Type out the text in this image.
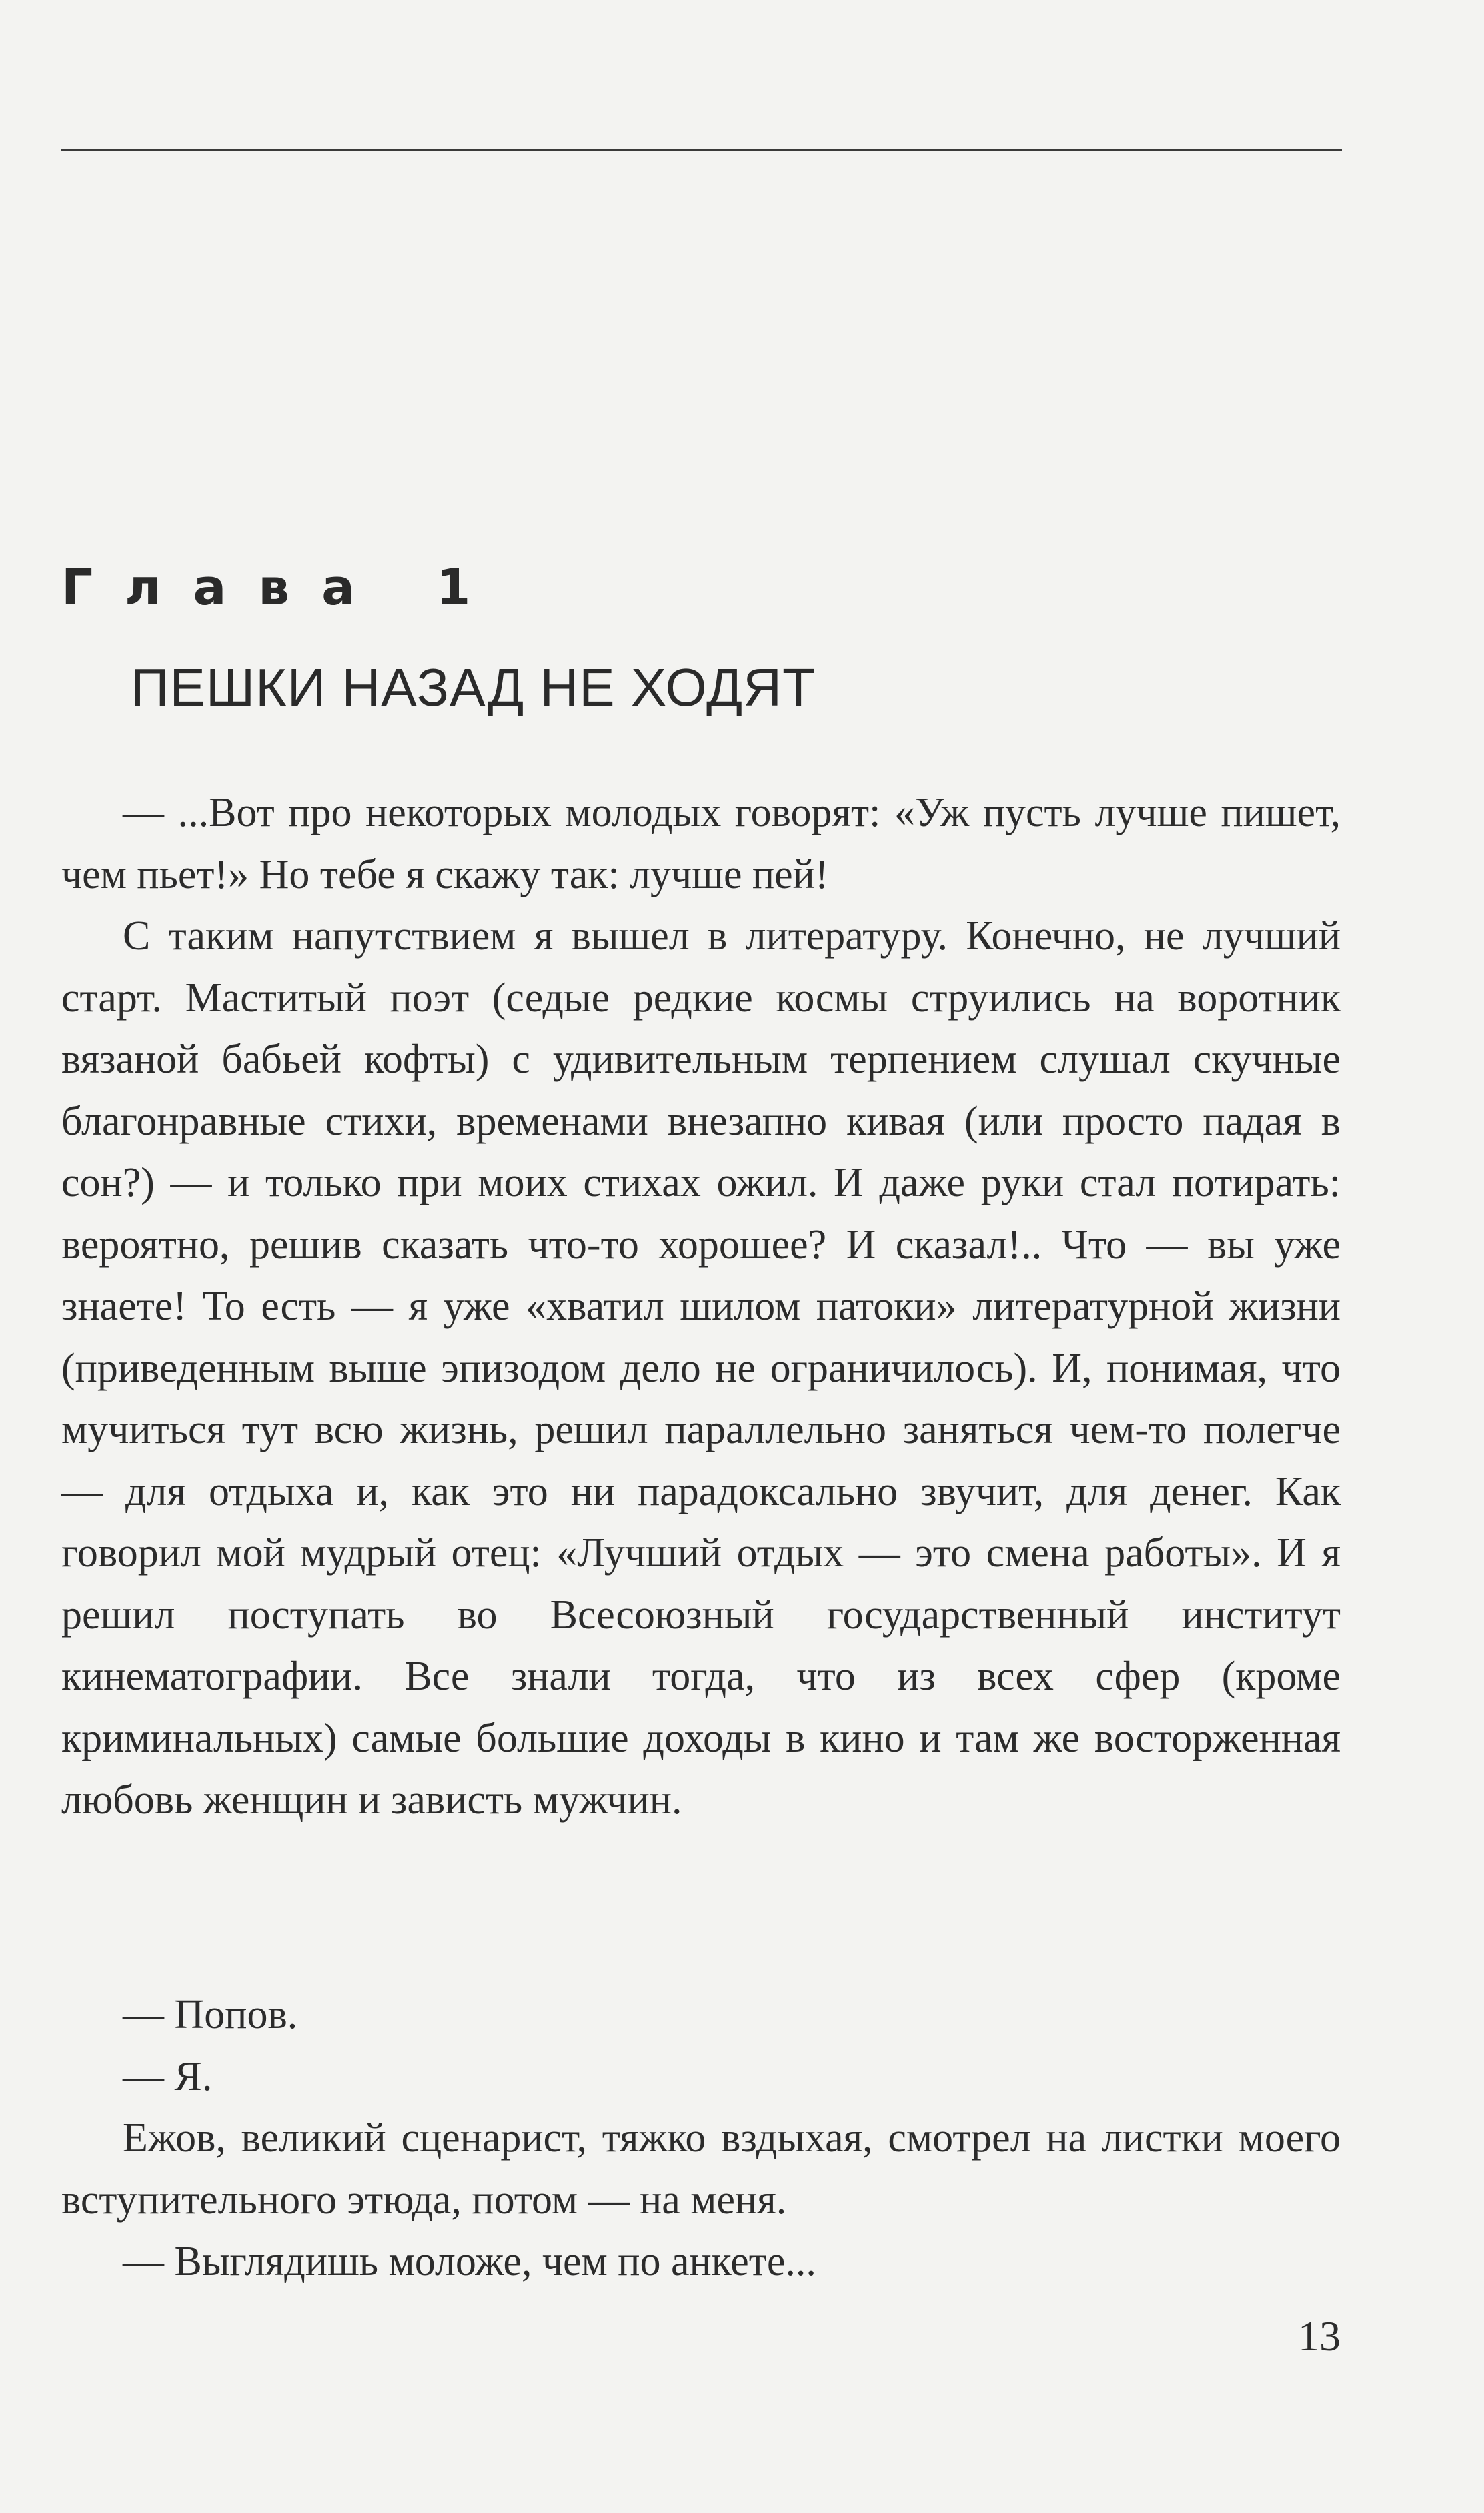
Глава 1
ПЕШКИ НАЗАД НЕ ХОДЯТ

— ...Вот про некоторых молодых говорят: «Уж пусть лучше пишет, чем пьет!» Но тебе я скажу так: лучше пей!

С таким напутствием я вышел в литературу. Конечно, не лучший старт. Маститый поэт (седые редкие космы струились на воротник вязаной бабьей кофты) с удивительным терпением слушал скучные благонравные стихи, временами внезапно кивая (или просто падая в сон?) — и только при моих стихах ожил. И даже руки стал потирать: вероятно, решив сказать что-то хорошее? И сказал!.. Что — вы уже знаете! То есть — я уже «хватил шилом патоки» литературной жизни (приведенным выше эпизодом дело не ограничилось). И, понимая, что мучиться тут всю жизнь, решил параллельно заняться чем-то полегче — для отдыха и, как это ни парадоксально звучит, для денег. Как говорил мой мудрый отец: «Лучший отдых — это смена работы». И я решил поступать во Всесоюзный государственный институт кинематографии. Все знали тогда, что из всех сфер (кроме криминальных) самые большие доходы в кино и там же восторженная любовь женщин и зависть мужчин.

— Попов.

— Я.

Ежов, великий сценарист, тяжко вздыхая, смотрел на листки моего вступительного этюда, потом — на меня.

— Выглядишь моложе, чем по анкете...

13
